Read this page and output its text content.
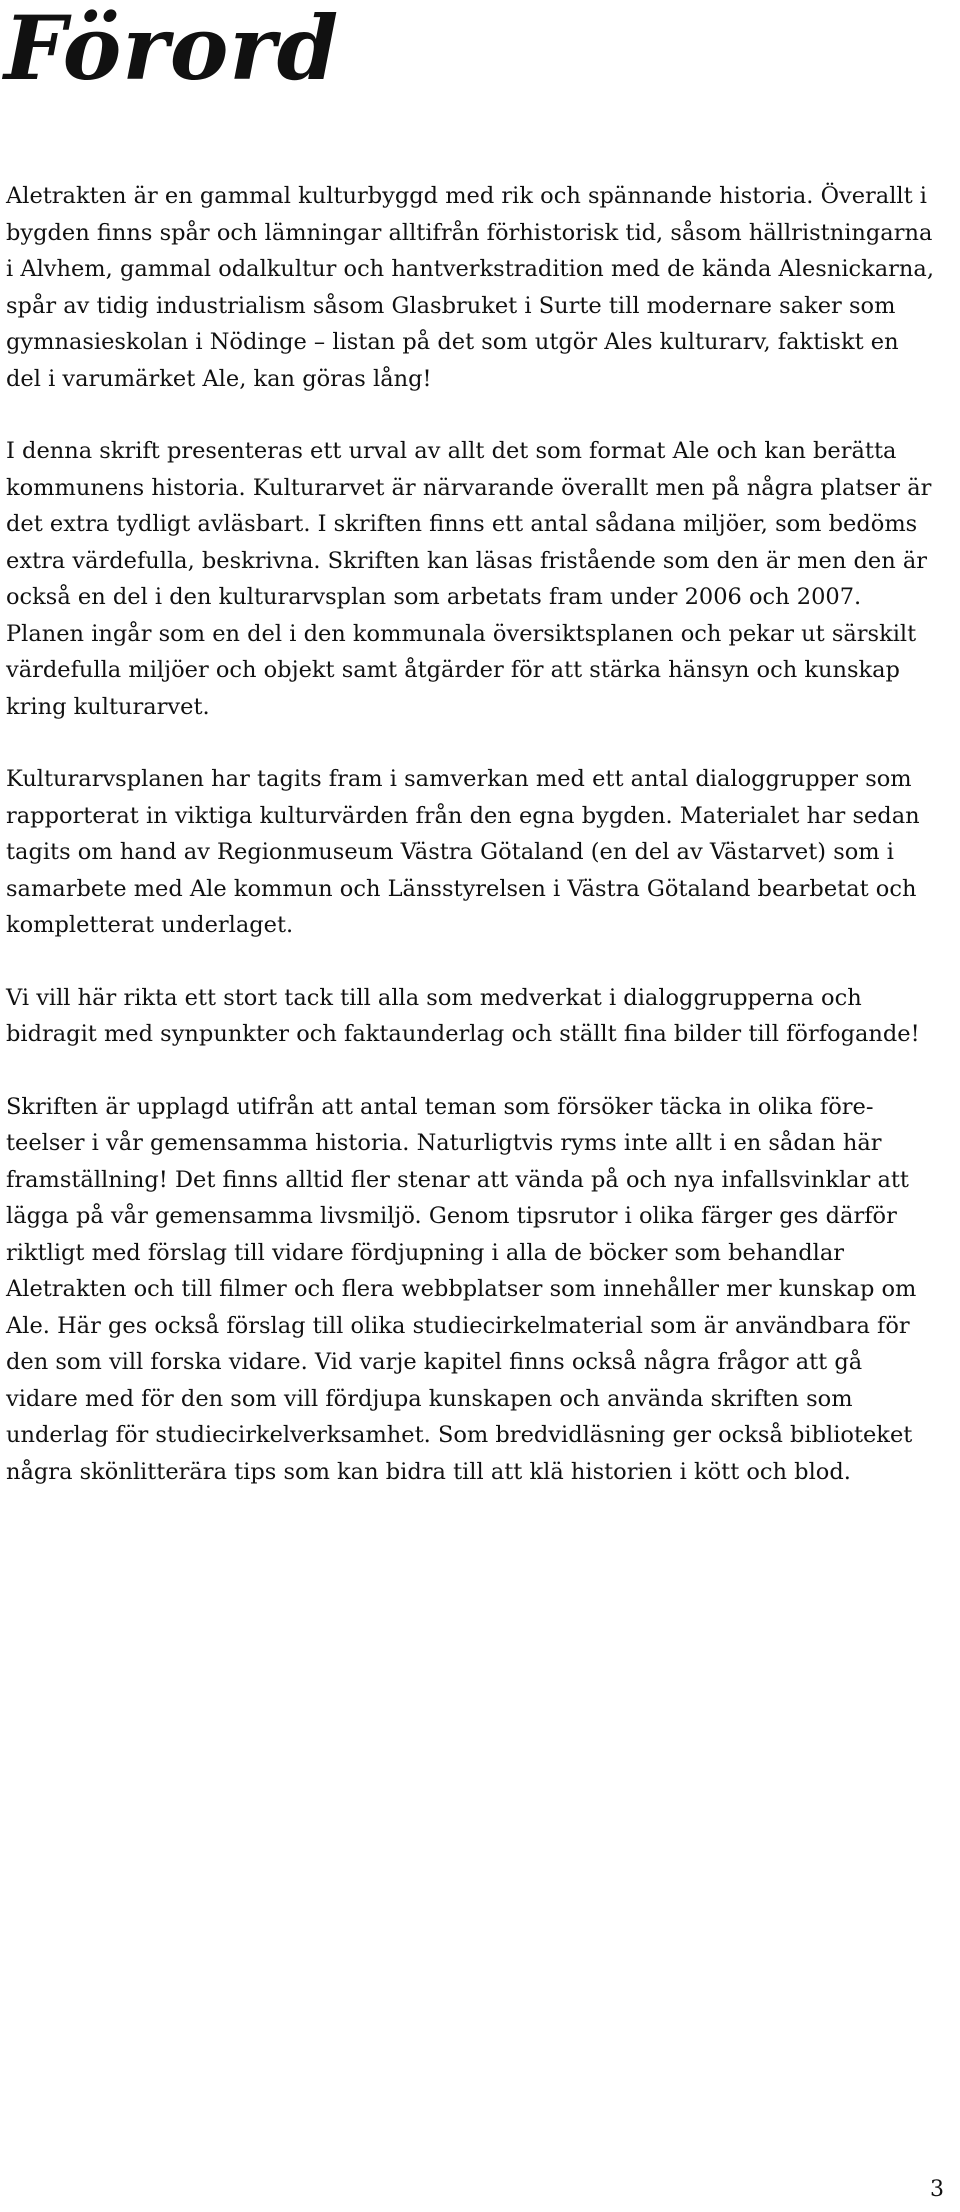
Förord

Aletrakten är en gammal kulturbyggd med rik och spännande historia. Överallt i bygden finns spår och lämningar alltifrån förhistorisk tid, såsom hällristningarna i Alvhem, gammal odalkultur och hantverkstradition med de kända Alesnickarna, spår av tidig industrialism såsom Glasbruket i Surte till modernare saker som gymnasieskolan i Nödinge – listan på det som utgör Ales kulturarv, faktiskt en del i varumärket Ale, kan göras lång!

I denna skrift presenteras ett urval av allt det som format Ale och kan berätta kommunens historia. Kulturarvet är närvarande överallt men på några platser är det extra tydligt avläsbart. I skriften finns ett antal sådana miljöer, som bedöms extra värdefulla, beskrivna. Skriften kan läsas fristående som den är men den är också en del i den kulturarvsplan som arbetats fram under 2006 och 2007. Planen ingår som en del i den kommunala översiktsplanen och pekar ut särskilt värdefulla miljöer och objekt samt åtgärder för att stärka hänsyn och kunskap kring kulturarvet.

Kulturarvsplanen har tagits fram i samverkan med ett antal dialoggrupper som rapporterat in viktiga kulturvärden från den egna bygden. Materialet har sedan tagits om hand av Regionmuseum Västra Götaland (en del av Västarvet) som i samarbete med Ale kommun och Länsstyrelsen i Västra Götaland bearbetat och kompletterat underlaget.

Vi vill här rikta ett stort tack till alla som medverkat i dialoggrupperna och bidragit med synpunkter och faktaunderlag och ställt fina bilder till förfogande!

Skriften är upplagd utifrån att antal teman som försöker täcka in olika företeelser i vår gemensamma historia. Naturligtvis ryms inte allt i en sådan här framställning! Det finns alltid fler stenar att vända på och nya infallsvinklar att lägga på vår gemensamma livsmiljö. Genom tipsrutor i olika färger ges därför riktligt med förslag till vidare fördjupning i alla de böcker som behandlar Aletrakten och till filmer och flera webbplatser som innehåller mer kunskap om Ale. Här ges också förslag till olika studiecirkelmaterial som är användbara för den som vill forska vidare. Vid varje kapitel finns också några frågor att gå vidare med för den som vill fördjupa kunskapen och använda skriften som underlag för studiecirkelverksamhet. Som bredvidläsning ger också biblioteket några skönlitterära tips som kan bidra till att klä historien i kött och blod.

3
